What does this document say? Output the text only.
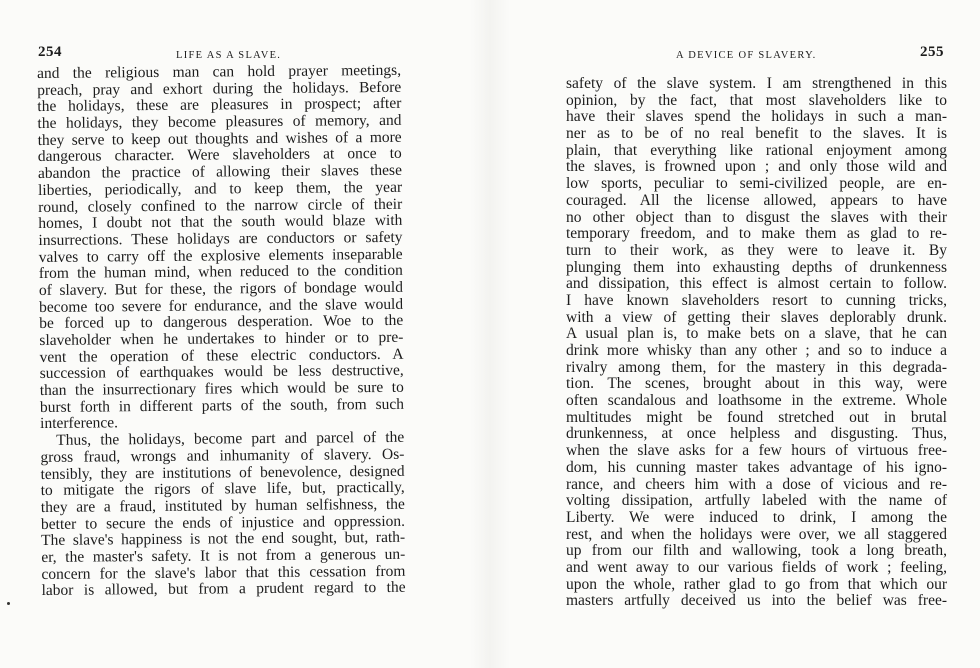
254	LIFE AS A SLAVE.
and the religious man can hold prayer meetings,
preach, pray and exhort during the holidays. Before
the holidays, these are pleasures in prospect; after
the holidays, they become pleasures of memory, and
they serve to keep out thoughts and wishes of a more
dangerous character. Were slaveholders at once to
abandon the practice of allowing their slaves these
liberties, periodically, and to keep them, the year
round, closely confined to the narrow circle of their
homes, I doubt not that the south would blaze with
insurrections. These holidays are conductors or safety
valves to carry off the explosive elements inseparable
from the human mind, when reduced to the condition
of slavery. But for these, the rigors of bondage would
become too severe for endurance, and the slave would
be forced up to dangerous desperation. Woe to the
slaveholder when he undertakes to hinder or to pre-
vent the operation of these electric conductors. A
succession of earthquakes would be less destructive,
than the insurrectionary fires which would be sure to
burst forth in different parts of the south, from such
interference.
Thus, the holidays, become part and parcel of the
gross fraud, wrongs and inhumanity of slavery. Os-
tensibly, they are institutions of benevolence, designed
to mitigate the rigors of slave life, but, practically,
they are a fraud, instituted by human selfishness, the
better to secure the ends of injustice and oppression.
The slave's happiness is not the end sought, but, rath-
er, the master's safety. It is not from a generous un-
concern for the slave's labor that this cessation from
labor is allowed, but from a prudent regard to the
A DEVICE OF SLAVERY.	255
safety of the slave system. I am strengthened in this
opinion, by the fact, that most slaveholders like to
have their slaves spend the holidays in such a man-
ner as to be of no real benefit to the slaves. It is
plain, that everything like rational enjoyment among
the slaves, is frowned upon ; and only those wild and
low sports, peculiar to semi-civilized people, are en-
couraged. All the license allowed, appears to have
no other object than to disgust the slaves with their
temporary freedom, and to make them as glad to re-
turn to their work, as they were to leave it. By
plunging them into exhausting depths of drunkenness
and dissipation, this effect is almost certain to follow.
I have known slaveholders resort to cunning tricks,
with a view of getting their slaves deplorably drunk.
A usual plan is, to make bets on a slave, that he can
drink more whisky than any other ; and so to induce a
rivalry among them, for the mastery in this degrada-
tion. The scenes, brought about in this way, were
often scandalous and loathsome in the extreme. Whole
multitudes might be found stretched out in brutal
drunkenness, at once helpless and disgusting. Thus,
when the slave asks for a few hours of virtuous free-
dom, his cunning master takes advantage of his igno-
rance, and cheers him with a dose of vicious and re-
volting dissipation, artfully labeled with the name of
Liberty. We were induced to drink, I among the
rest, and when the holidays were over, we all staggered
up from our filth and wallowing, took a long breath,
and went away to our various fields of work ; feeling,
upon the whole, rather glad to go from that which our
masters artfully deceived us into the belief was free-
